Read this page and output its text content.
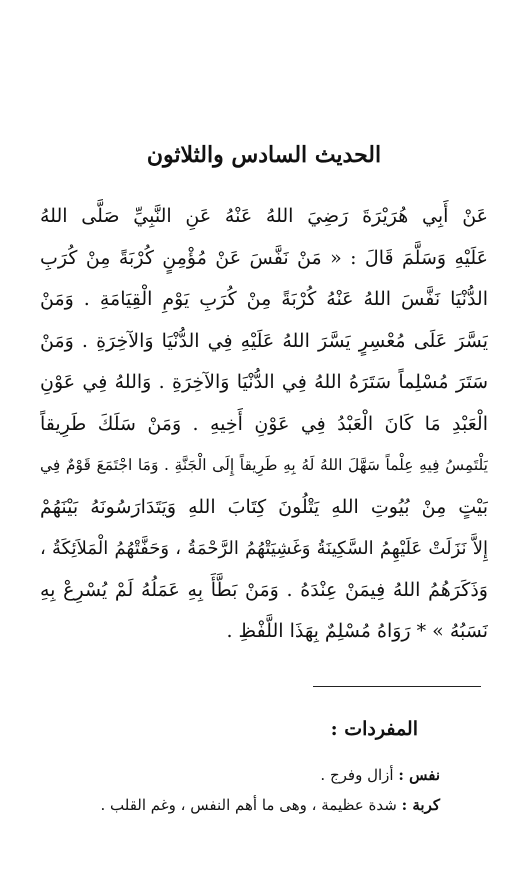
الحديث السادس والثلاثون
عَنْ أَبِي هُرَيْرَةَ رَضِيَ اللهُ عَنْهُ عَنِ النَّبِيِّ صَلَّى اللهُ
عَلَيْهِ وَسَلَّمَ قَالَ : « مَنْ نَفَّسَ عَنْ مُؤْمِنٍ كُرْبَةً مِنْ كُرَبِ
الدُّنْيَا نَفَّسَ اللهُ عَنْهُ كُرْبَةً مِنْ كُرَبِ يَوْمِ الْقِيَامَةِ . وَمَنْ
يَسَّرَ عَلَى مُعْسِرٍ يَسَّرَ اللهُ عَلَيْهِ فِي الدُّنْيَا وَالآخِرَةِ . وَمَنْ
سَتَرَ مُسْلِماً سَتَرَهُ اللهُ فِي الدُّنْيَا وَالآخِرَةِ . وَاللهُ فِي عَوْنِ
الْعَبْدِ مَا كَانَ الْعَبْدُ فِي عَوْنِ أَخِيهِ . وَمَنْ سَلَكَ طَرِيقاً
يَلْتَمِسُ فِيهِ عِلْماً سَهَّلَ اللهُ لَهُ بِهِ طَرِيقاً إِلَى الْجَنَّةِ . وَمَا اجْتَمَعَ قَوْمٌ فِي
بَيْتٍ مِنْ بُيُوتِ اللهِ يَتْلُونَ كِتَابَ اللهِ وَيَتَدَارَسُونَهُ بَيْنَهُمْ
إِلاَّ نَزَلَتْ عَلَيْهِمُ السَّكِينَةُ وَغَشِيَتْهُمُ الرَّحْمَةُ ، وَحَفَّتْهُمُ الْمَلاَئِكَةُ ،
وَذَكَرَهُمُ اللهُ فِيمَنْ عِنْدَهُ . وَمَنْ بَطَّأَ بِهِ عَمَلُهُ لَمْ يُسْرِعْ بِهِ
نَسَبُهُ » * رَوَاهُ مُسْلِمٌ بِهَذَا اللَّفْظِ .
المفردات :
نفس : أزال وفرج .
كربة : شدة عظيمة ، وهى ما أهم النفس ، وغم القلب .
